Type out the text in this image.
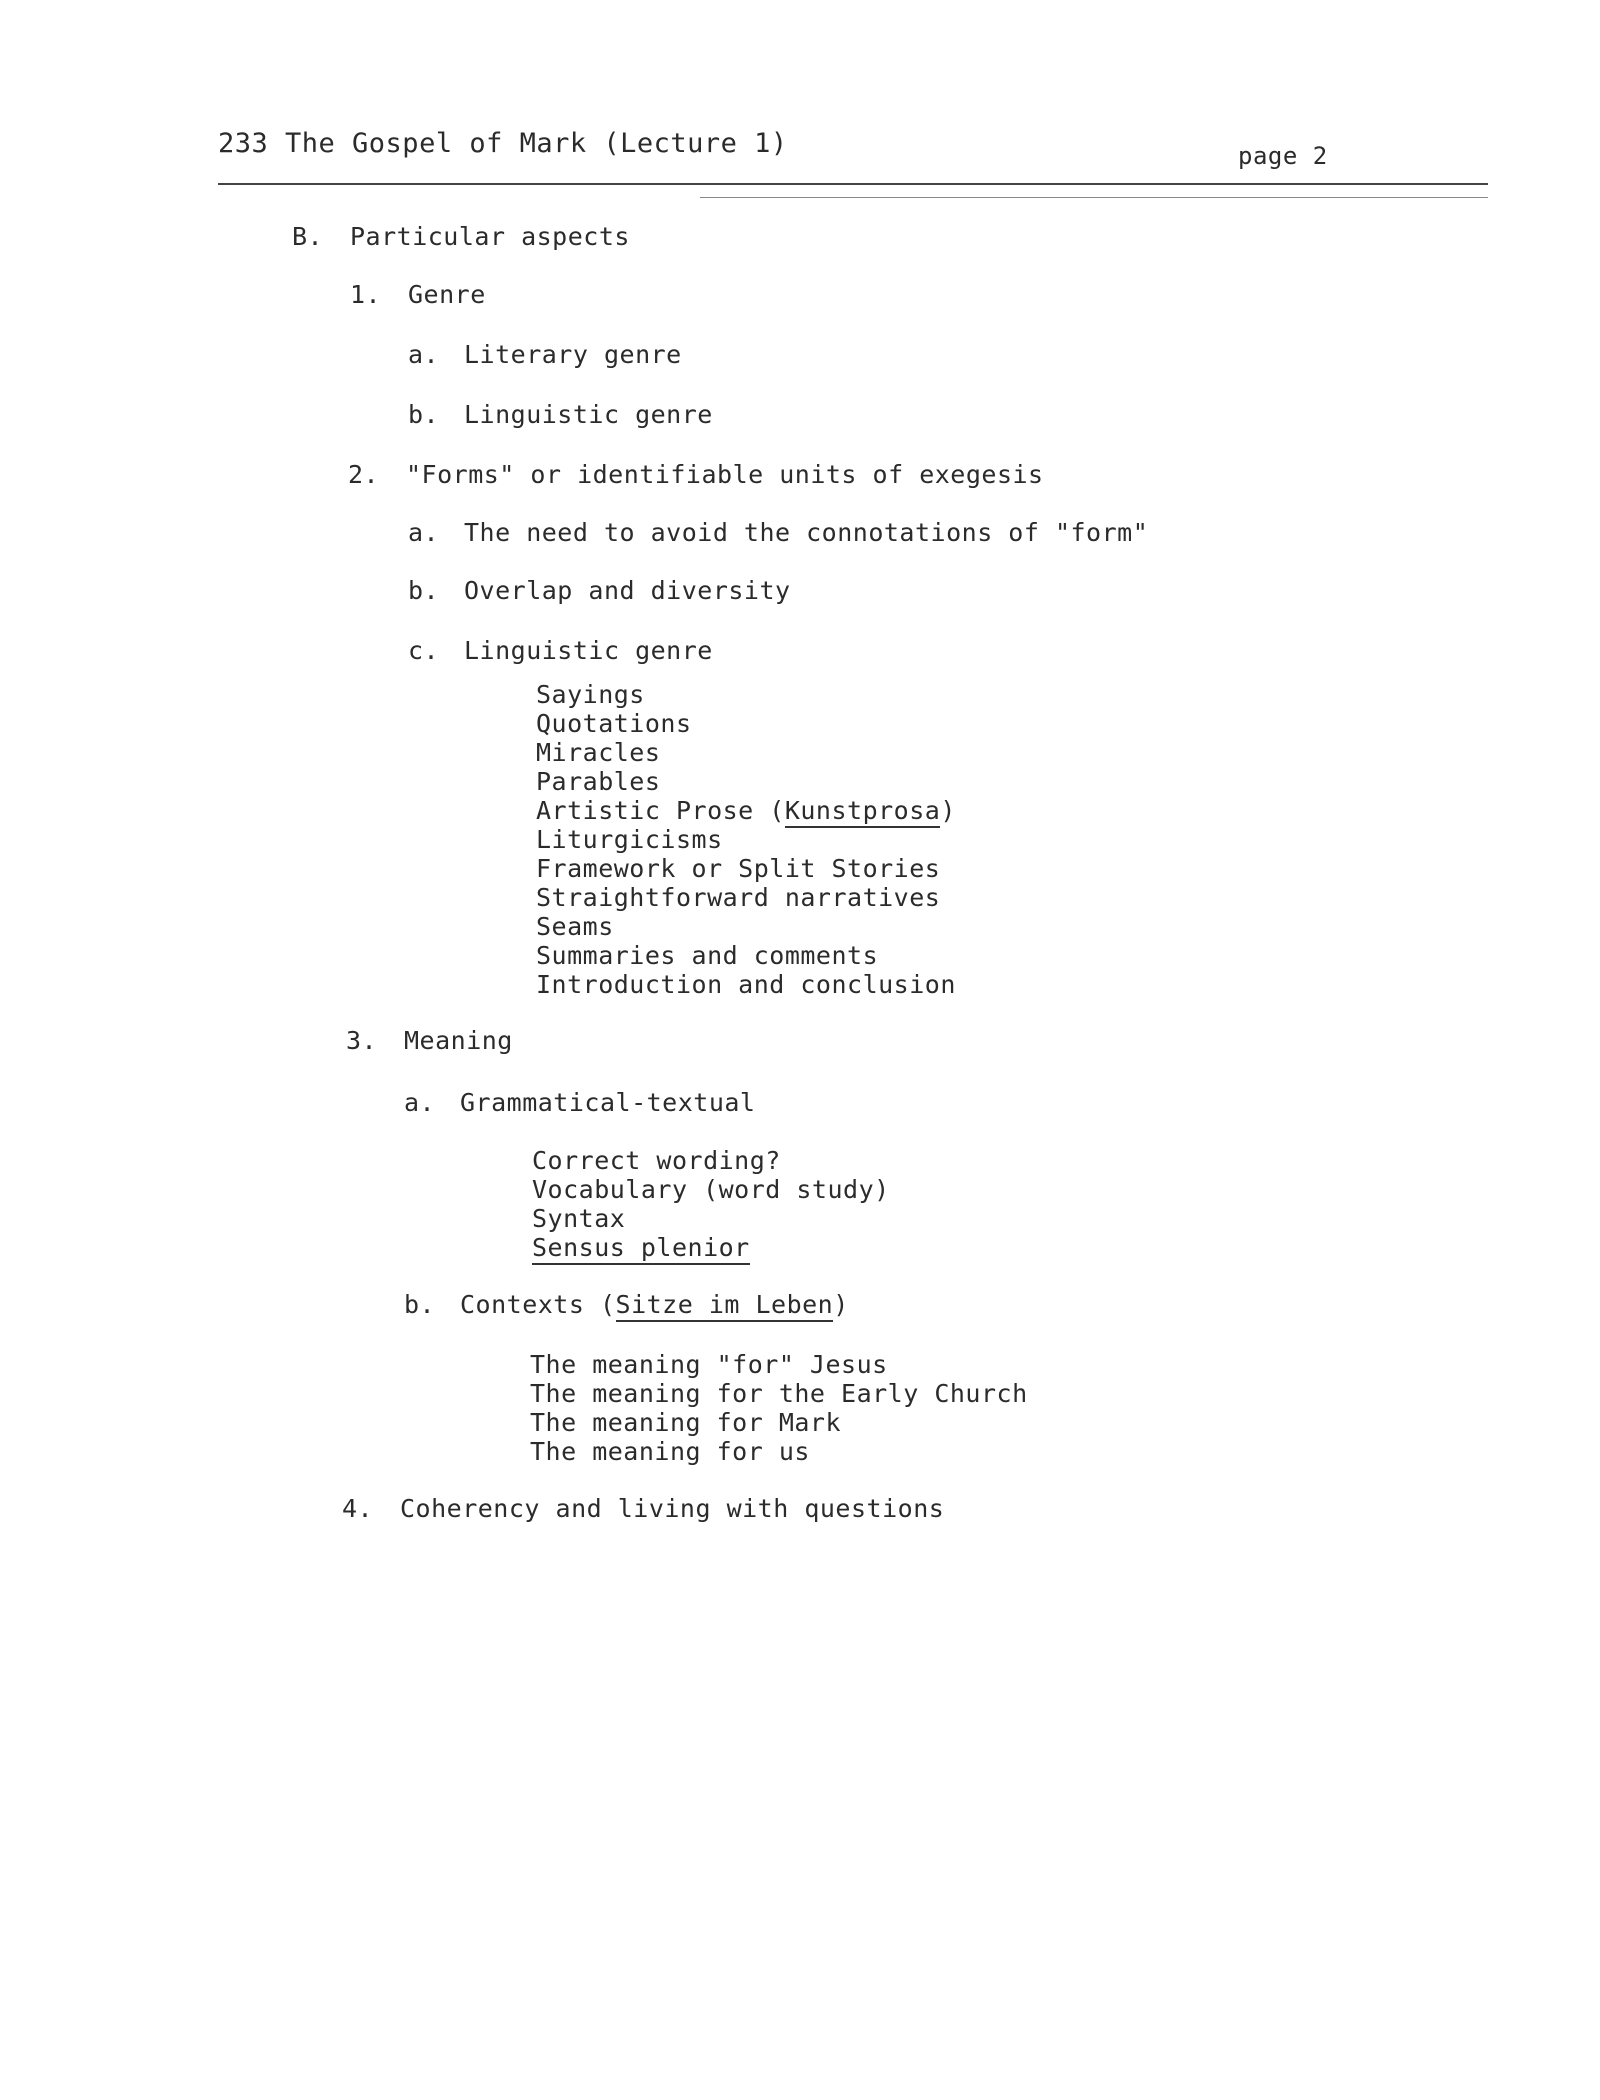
233 The Gospel of Mark (Lecture 1)	page 2
B. Particular aspects
1. Genre
a. Literary genre
b. Linguistic genre
2. "Forms" or identifiable units of exegesis
a. The need to avoid the connotations of "form"
b. Overlap and diversity
c. Linguistic genre
Sayings
Quotations
Miracles
Parables
Artistic Prose (Kunstprosa)
Liturgicisms
Framework or Split Stories
Straightforward narratives
Seams
Summaries and comments
Introduction and conclusion
3. Meaning
a. Grammatical-textual
Correct wording?
Vocabulary (word study)
Syntax
Sensus plenior
b. Contexts (Sitze im Leben)
The meaning "for" Jesus
The meaning for the Early Church
The meaning for Mark
The meaning for us
4. Coherency and living with questions
